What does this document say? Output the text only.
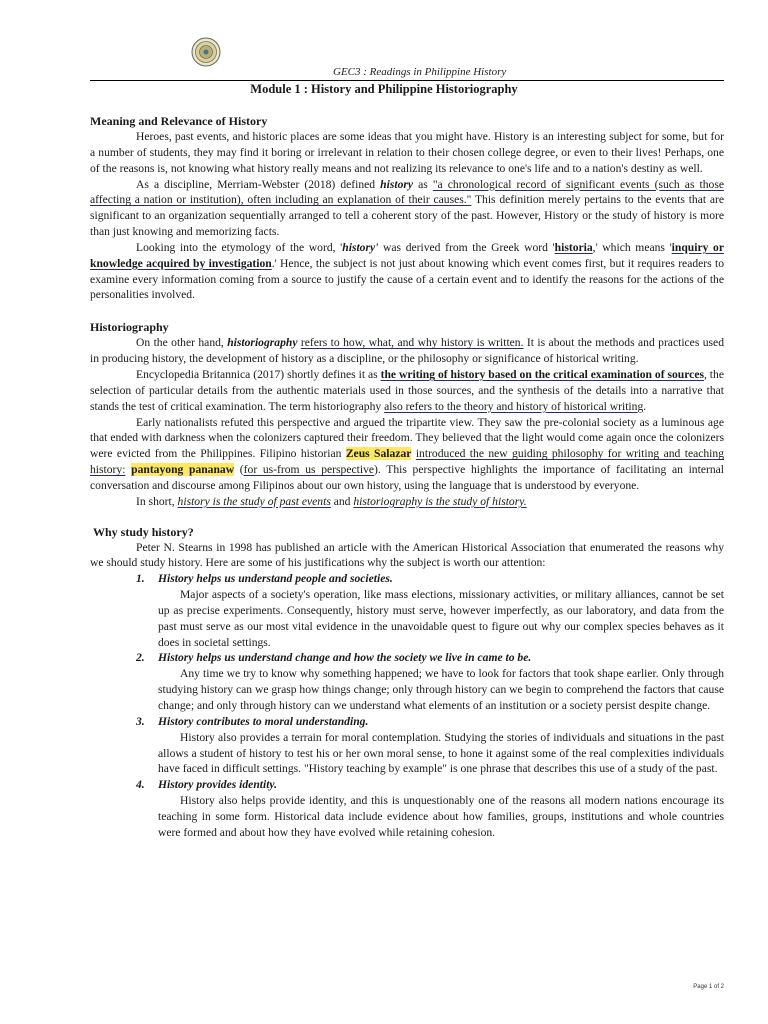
GEC3 : Readings in Philippine History
Module 1 : History and Philippine Historiography
Meaning and Relevance of History

Heroes, past events, and historic places are some ideas that you might have. History is an interesting subject for some, but for a number of students, they may find it boring or irrelevant in relation to their chosen college degree, or even to their lives! Perhaps, one of the reasons is, not knowing what history really means and not realizing its relevance to one's life and to a nation's destiny as well.

As a discipline, Merriam-Webster (2018) defined history as "a chronological record of significant events (such as those affecting a nation or institution), often including an explanation of their causes." This definition merely pertains to the events that are significant to an organization sequentially arranged to tell a coherent story of the past. However, History or the study of history is more than just knowing and memorizing facts.

Looking into the etymology of the word, 'history' was derived from the Greek word 'historia,' which means 'inquiry or knowledge acquired by investigation.' Hence, the subject is not just about knowing which event comes first, but it requires readers to examine every information coming from a source to justify the cause of a certain event and to identify the reasons for the actions of the personalities involved.

Historiography

On the other hand, historiography refers to how, what, and why history is written. It is about the methods and practices used in producing history, the development of history as a discipline, or the philosophy or significance of historical writing.

Encyclopedia Britannica (2017) shortly defines it as the writing of history based on the critical examination of sources, the selection of particular details from the authentic materials used in those sources, and the synthesis of the details into a narrative that stands the test of critical examination. The term historiography also refers to the theory and history of historical writing.

Early nationalists refuted this perspective and argued the tripartite view. They saw the pre-colonial society as a luminous age that ended with darkness when the colonizers captured their freedom. They believed that the light would come again once the colonizers were evicted from the Philippines. Filipino historian Zeus Salazar introduced the new guiding philosophy for writing and teaching history: pantayong pananaw (for us-from us perspective). This perspective highlights the importance of facilitating an internal conversation and discourse among Filipinos about our own history, using the language that is understood by everyone.

In short, history is the study of past events and historiography is the study of history.

Why study history?

Peter N. Stearns in 1998 has published an article with the American Historical Association that enumerated the reasons why we should study history. Here are some of his justifications why the subject is worth our attention:

1. History helps us understand people and societies.

Major aspects of a society's operation, like mass elections, missionary activities, or military alliances, cannot be set up as precise experiments. Consequently, history must serve, however imperfectly, as our laboratory, and data from the past must serve as our most vital evidence in the unavoidable quest to figure out why our complex species behaves as it does in societal settings.

2. History helps us understand change and how the society we live in came to be.

Any time we try to know why something happened; we have to look for factors that took shape earlier. Only through studying history can we grasp how things change; only through history can we begin to comprehend the factors that cause change; and only through history can we understand what elements of an institution or a society persist despite change.

3. History contributes to moral understanding.

History also provides a terrain for moral contemplation. Studying the stories of individuals and situations in the past allows a student of history to test his or her own moral sense, to hone it against some of the real complexities individuals have faced in difficult settings. "History teaching by example" is one phrase that describes this use of a study of the past.

4. History provides identity.

History also helps provide identity, and this is unquestionably one of the reasons all modern nations encourage its teaching in some form. Historical data include evidence about how families, groups, institutions and whole countries were formed and about how they have evolved while retaining cohesion.

Page 1 of 2
